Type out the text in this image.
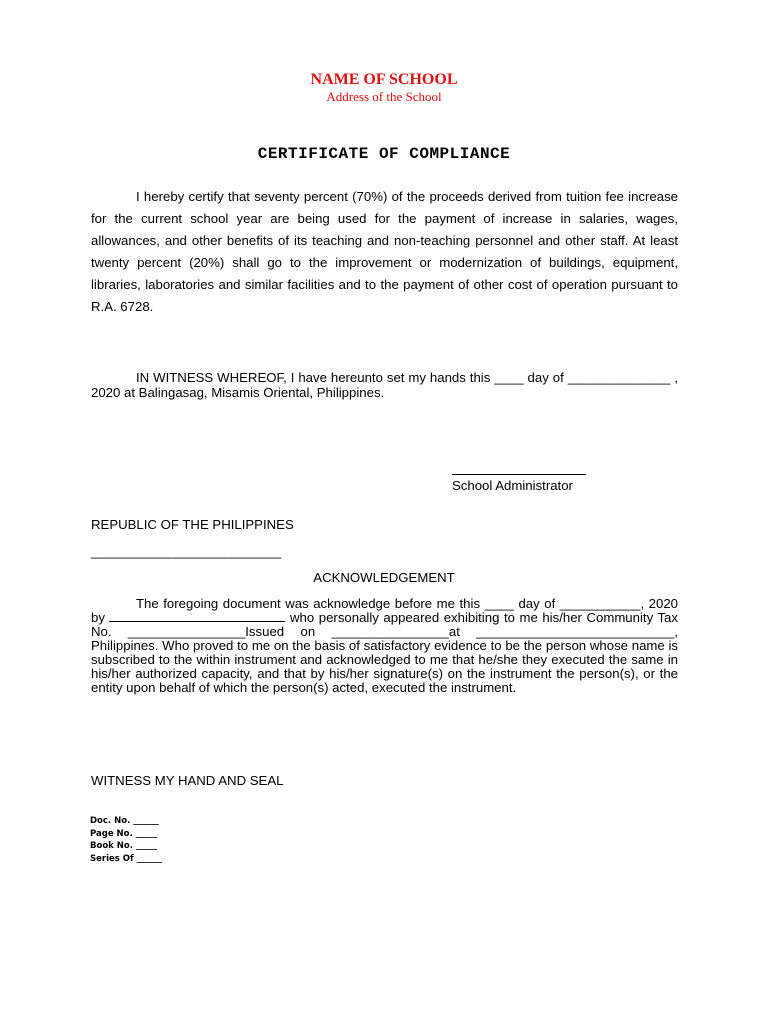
NAME OF SCHOOL
Address of the School
CERTIFICATE OF COMPLIANCE

I hereby certify that seventy percent (70%) of the proceeds derived from tuition fee increase for the current school year are being used for the payment of increase in salaries, wages, allowances, and other benefits of its teaching and non-teaching personnel and other staff. At least twenty percent (20%) shall go to the improvement or modernization of buildings, equipment, libraries, laboratories and similar facilities and to the payment of other cost of operation pursuant to R.A. 6728.

IN WITNESS WHEREOF, I have hereunto set my hands this ____ day of ______________ , 2020 at Balingasag, Misamis Oriental, Philippines.

School Administrator
REPUBLIC OF THE PHILIPPINES
___________________________
ACKNOWLEDGEMENT

The foregoing document was acknowledge before me this ____ day of ___________, 2020 by	who personally appeared exhibiting to me his/her Community Tax No. ________________Issued on ________________at ___________________________, Philippines. Who proved to me on the basis of satisfactory evidence to be the person whose name is subscribed to the within instrument and acknowledged to me that he/she they executed the same in his/her authorized capacity, and that by his/her signature(s) on the instrument the person(s), or the entity upon behalf of which the person(s) acted, executed the instrument.

WITNESS MY HAND AND SEAL
Doc. No. ______
Page No. _____
Book No. _____
Series Of ______
